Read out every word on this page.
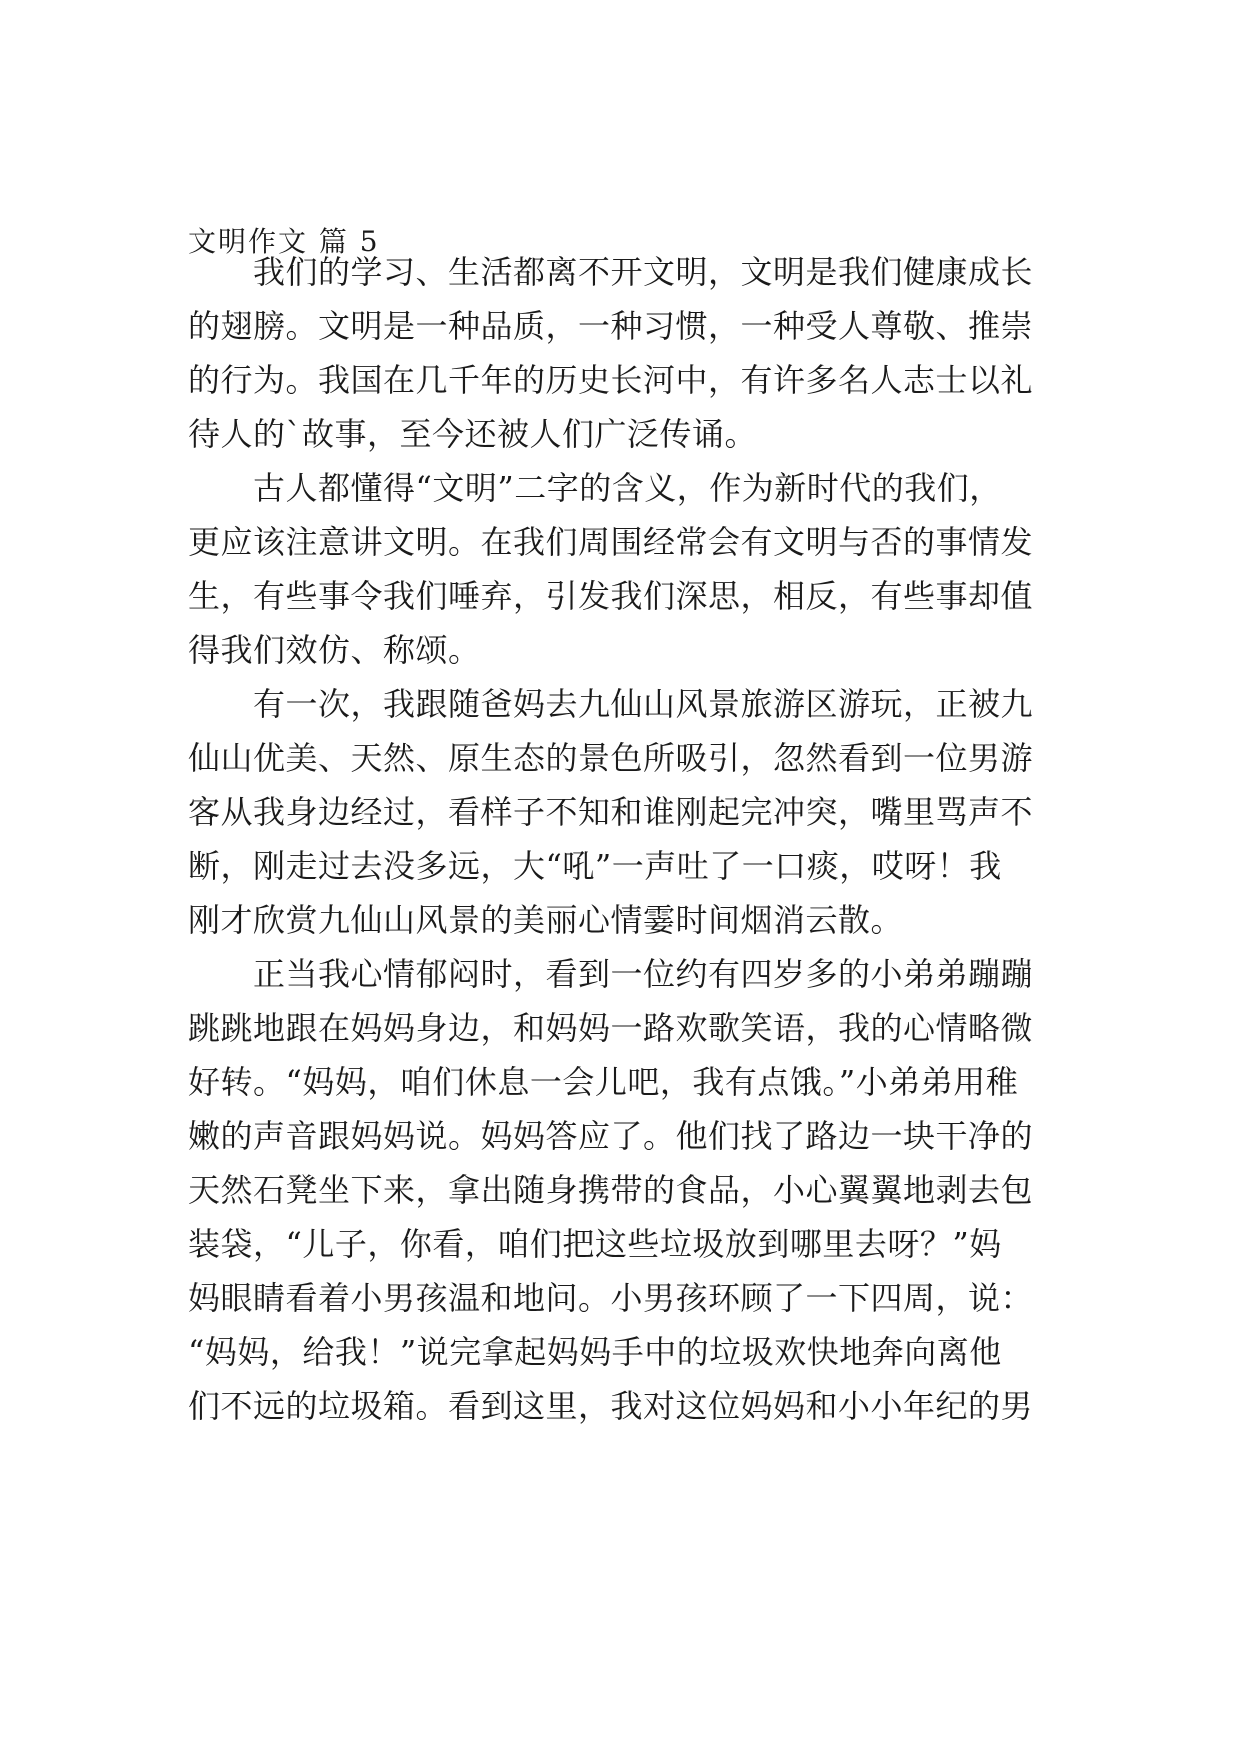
文明作文 篇 5
　　我们的学习、生活都离不开文明，文明是我们健康成长
的翅膀。文明是一种品质，一种习惯，一种受人尊敬、推崇
的行为。我国在几千年的历史长河中，有许多名人志士以礼
待人的`故事，至今还被人们广泛传诵。
　　古人都懂得“文明”二字的含义，作为新时代的我们，
更应该注意讲文明。在我们周围经常会有文明与否的事情发
生，有些事令我们唾弃，引发我们深思，相反，有些事却值
得我们效仿、称颂。
　　有一次，我跟随爸妈去九仙山风景旅游区游玩，正被九
仙山优美、天然、原生态的景色所吸引，忽然看到一位男游
客从我身边经过，看样子不知和谁刚起完冲突，嘴里骂声不
断，刚走过去没多远，大“吼”一声吐了一口痰，哎呀！我
刚才欣赏九仙山风景的美丽心情霎时间烟消云散。
　　正当我心情郁闷时，看到一位约有四岁多的小弟弟蹦蹦
跳跳地跟在妈妈身边，和妈妈一路欢歌笑语，我的心情略微
好转。“妈妈，咱们休息一会儿吧，我有点饿。”小弟弟用稚
嫩的声音跟妈妈说。妈妈答应了。他们找了路边一块干净的
天然石凳坐下来，拿出随身携带的食品，小心翼翼地剥去包
装袋，“儿子，你看，咱们把这些垃圾放到哪里去呀？”妈
妈眼睛看着小男孩温和地问。小男孩环顾了一下四周，说：
“妈妈，给我！”说完拿起妈妈手中的垃圾欢快地奔向离他
们不远的垃圾箱。看到这里，我对这位妈妈和小小年纪的男
